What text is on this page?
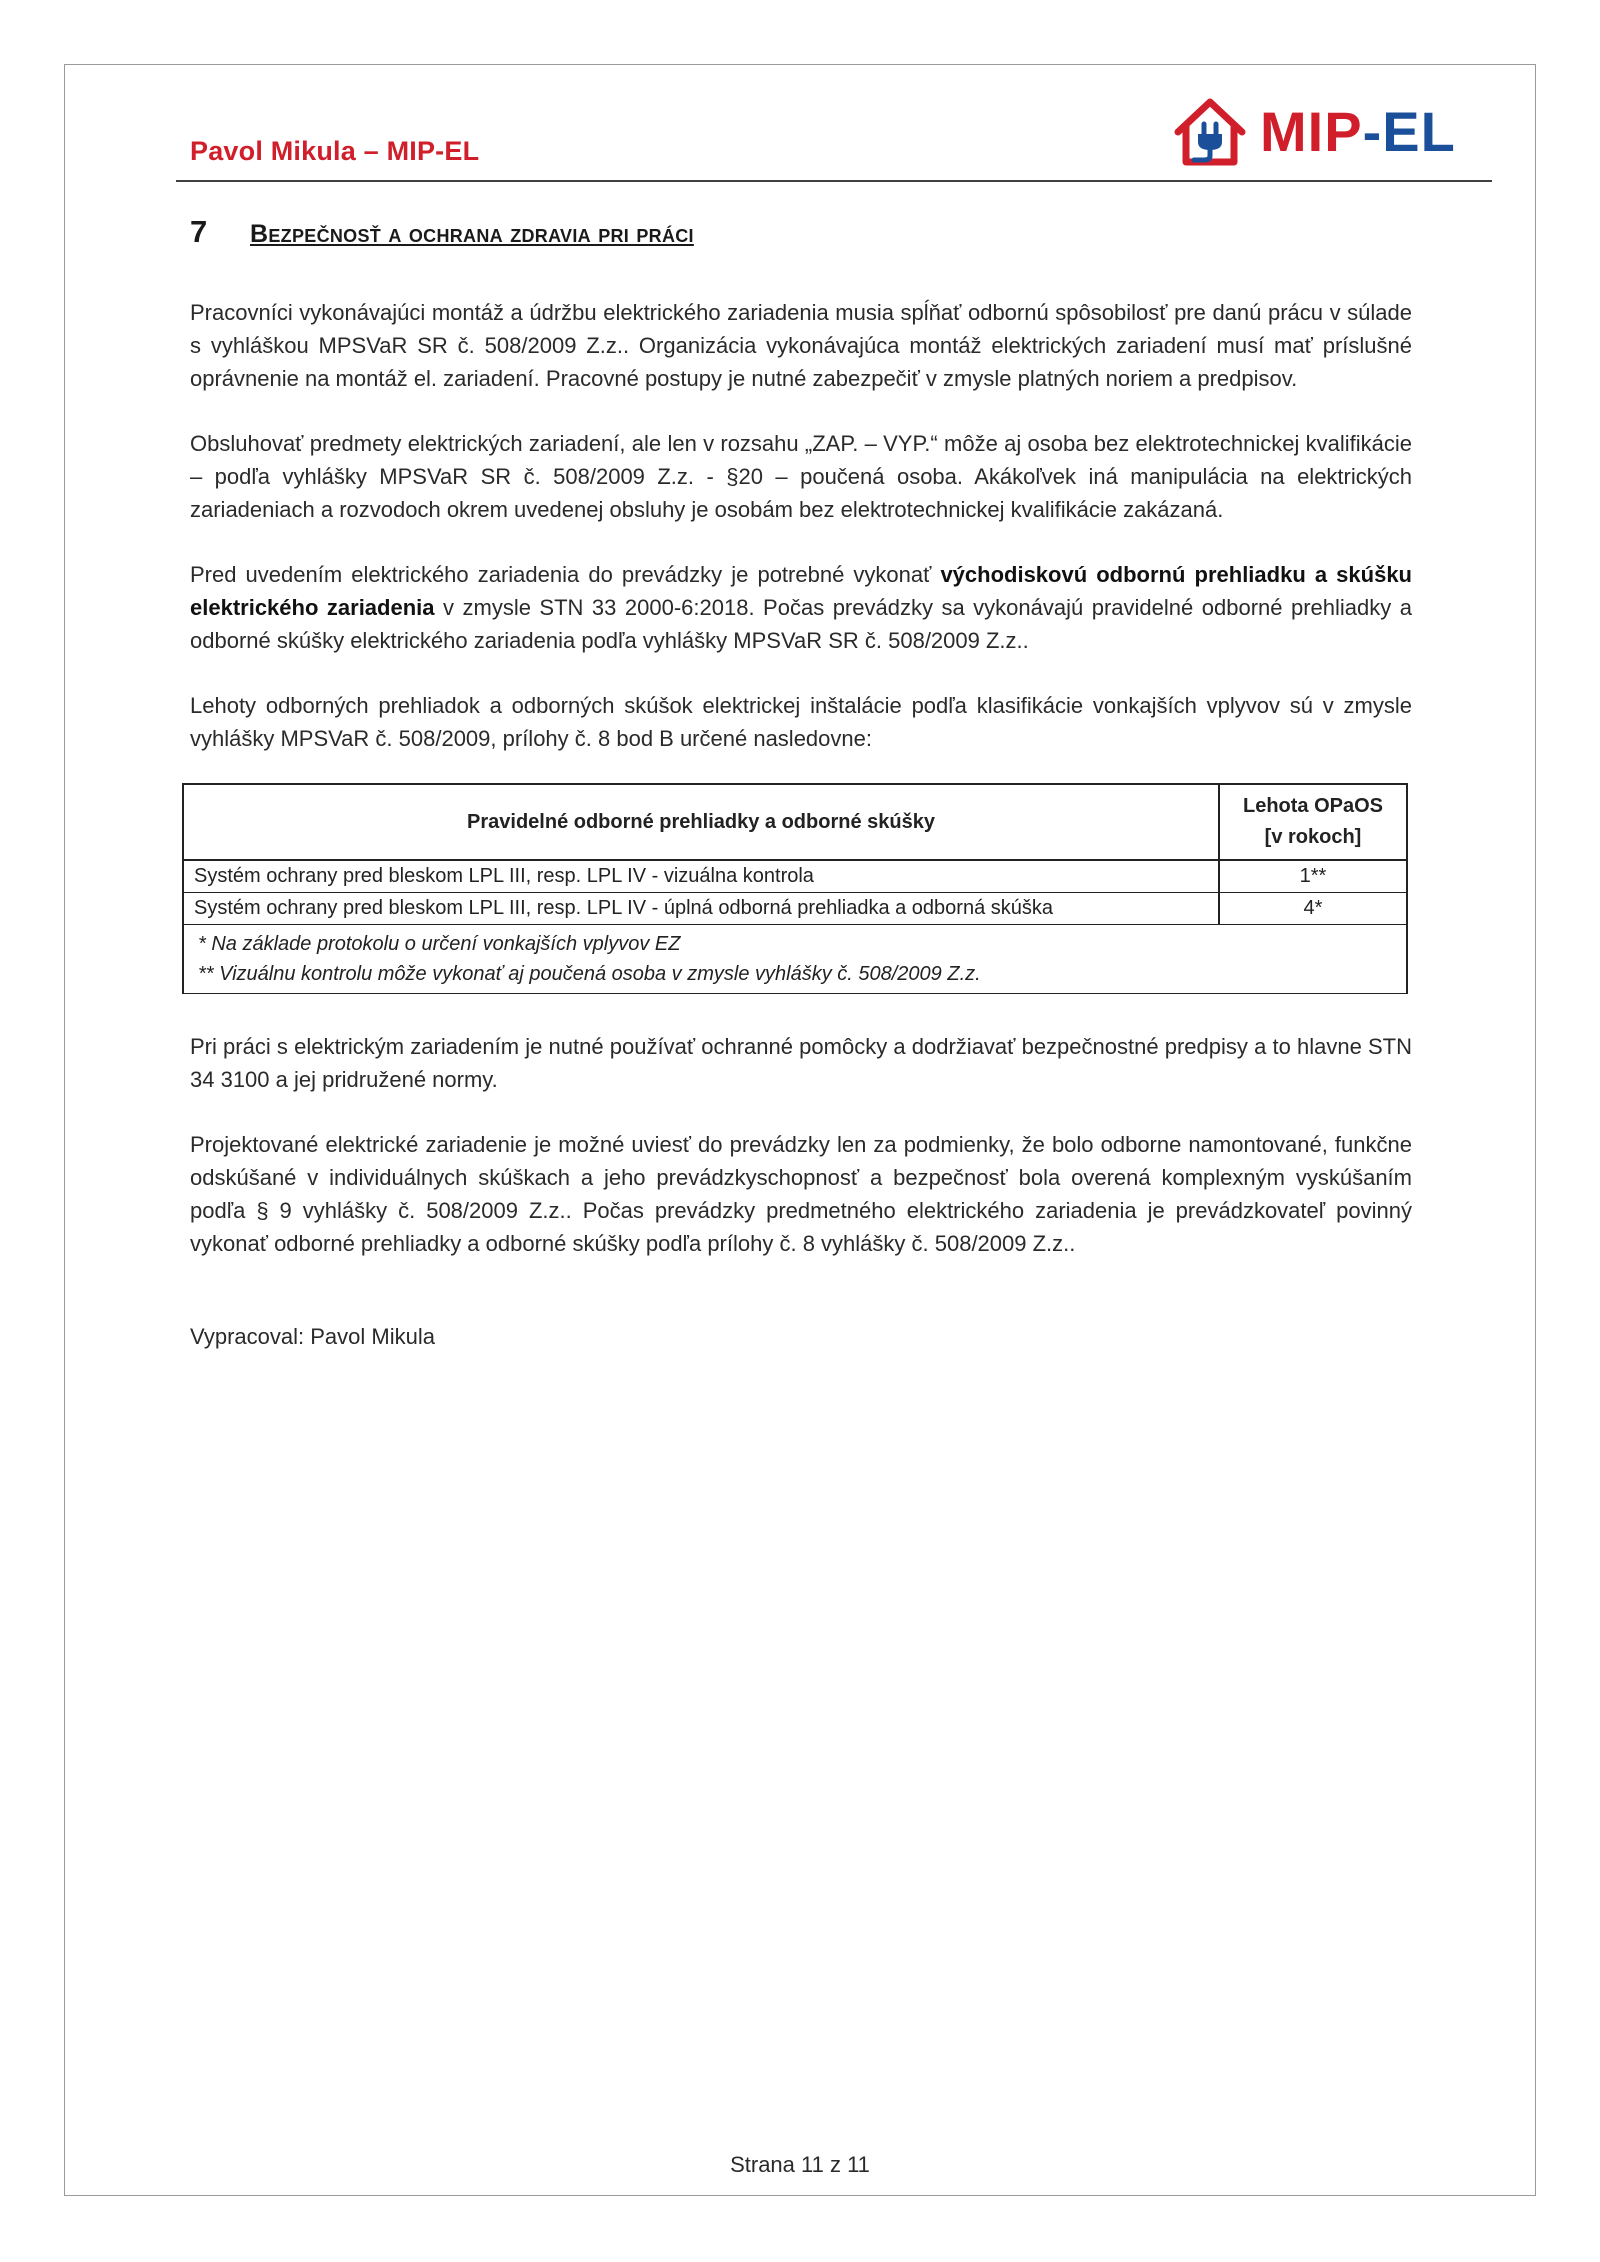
Pavol Mikula – MIP-EL	MIP-EL
7	Bezpečnosť a ochrana zdravia pri práci

Pracovníci vykonávajúci montáž a údržbu elektrického zariadenia musia spĺňať odbornú spôsobilosť pre danú prácu v súlade s vyhláškou MPSVaR SR č. 508/2009 Z.z.. Organizácia vykonávajúca montáž elektrických zariadení musí mať príslušné oprávnenie na montáž el. zariadení. Pracovné postupy je nutné zabezpečiť v zmysle platných noriem a predpisov.

Obsluhovať predmety elektrických zariadení, ale len v rozsahu „ZAP. – VYP.“ môže aj osoba bez elektrotechnickej kvalifikácie – podľa vyhlášky MPSVaR SR č. 508/2009 Z.z. - §20 – poučená osoba. Akákoľvek iná manipulácia na elektrických zariadeniach a rozvodoch okrem uvedenej obsluhy je osobám bez elektrotechnickej kvalifikácie zakázaná.

Pred uvedením elektrického zariadenia do prevádzky je potrebné vykonať východiskovú odbornú prehliadku a skúšku elektrického zariadenia v zmysle STN 33 2000-6:2018. Počas prevádzky sa vykonávajú pravidelné odborné prehliadky a odborné skúšky elektrického zariadenia podľa vyhlášky MPSVaR SR č. 508/2009 Z.z..

Lehoty odborných prehliadok a odborných skúšok elektrickej inštalácie podľa klasifikácie vonkajších vplyvov sú v zmysle vyhlášky MPSVaR č. 508/2009, prílohy č. 8 bod B určené nasledovne:

Pravidelné odborné prehliadky a odborné skúšky	Lehota OPaOS
[v rokoch]

Systém ochrany pred bleskom LPL III, resp. LPL IV - vizuálna kontrola	1**
Systém ochrany pred bleskom LPL III, resp. LPL IV - úplná odborná prehliadka a odborná skúška	4*

* Na základe protokolu o určení vonkajších vplyvov EZ
** Vizuálnu kontrolu môže vykonať aj poučená osoba v zmysle vyhlášky č. 508/2009 Z.z.	

Pri práci s elektrickým zariadením je nutné používať ochranné pomôcky a dodržiavať bezpečnostné predpisy a to hlavne STN 34 3100 a jej pridružené normy.

Projektované elektrické zariadenie je možné uviesť do prevádzky len za podmienky, že bolo odborne namontované, funkčne odskúšané v individuálnych skúškach a jeho prevádzkyschopnosť a bezpečnosť bola overená komplexným vyskúšaním podľa § 9 vyhlášky č. 508/2009 Z.z.. Počas prevádzky predmetného elektrického zariadenia je prevádzkovateľ povinný vykonať odborné prehliadky a odborné skúšky podľa prílohy č. 8 vyhlášky č. 508/2009 Z.z..

Vypracoval: Pavol Mikula
Strana 11 z 11
